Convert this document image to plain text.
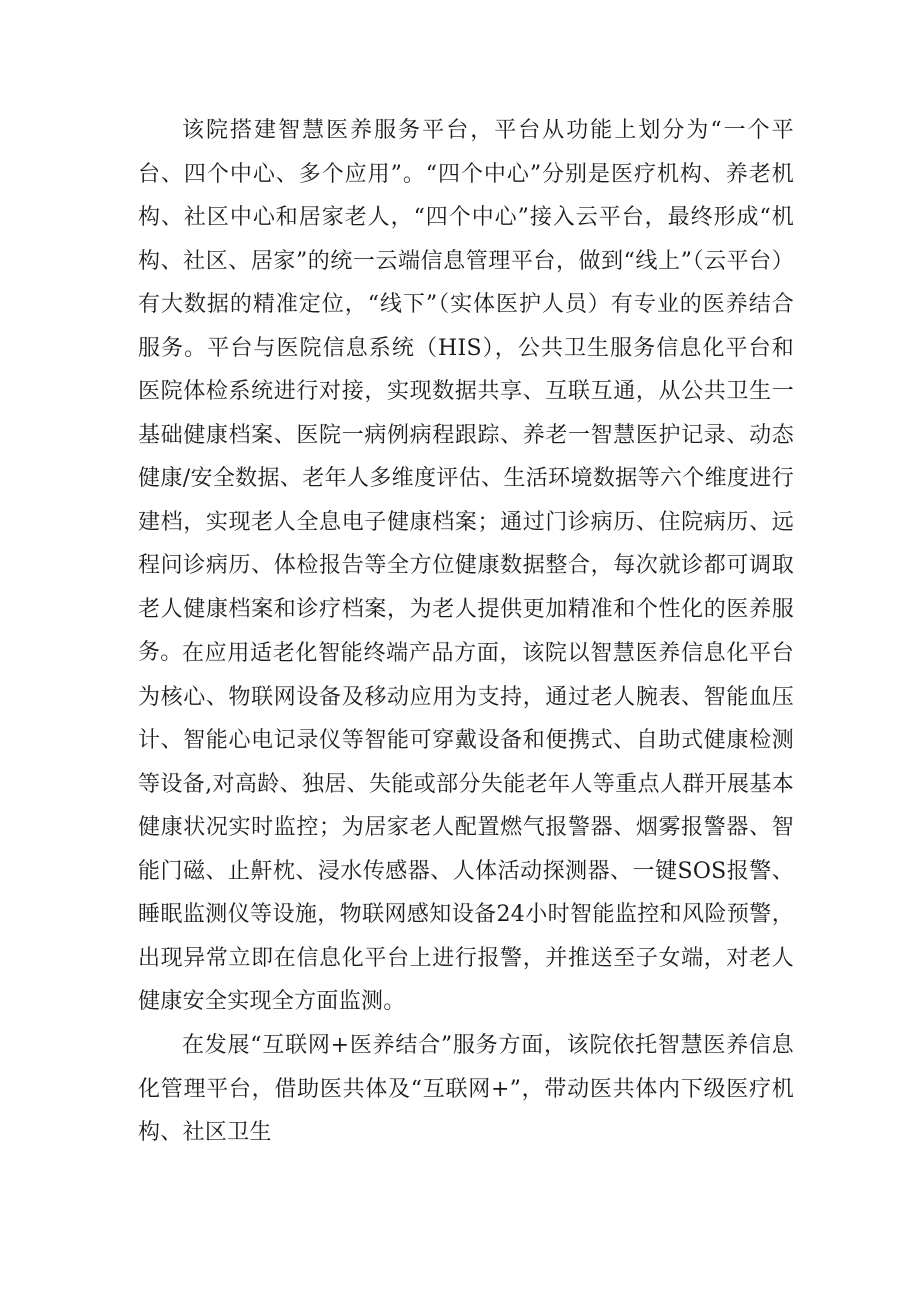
该院搭建智慧医养服务平台，平台从功能上划分为“一个平台、四个中心、多个应用”。“四个中心”分别是医疗机构、养老机构、社区中心和居家老人，“四个中心”接入云平台，最终形成“机构、社区、居家”的统一云端信息管理平台，做到“线上”（云平台）有大数据的精准定位，“线下”（实体医护人员）有专业的医养结合服务。平台与医院信息系统（HIS），公共卫生服务信息化平台和医院体检系统进行对接，实现数据共享、互联互通，从公共卫生一基础健康档案、医院一病例病程跟踪、养老一智慧医护记录、动态健康/安全数据、老年人多维度评估、生活环境数据等六个维度进行建档，实现老人全息电子健康档案；通过门诊病历、住院病历、远程问诊病历、体检报告等全方位健康数据整合，每次就诊都可调取老人健康档案和诊疗档案，为老人提供更加精准和个性化的医养服务。 在应用适老化智能终端产品方面，该院以智慧医养信息化平台为核心、物联网设备及移动应用为支持，通过老人腕表、智能血压计、智能心电记录仪等智能可穿戴设备和便携式、自助式健康检测等设备,对高龄、独居、失能或部分失能老年人等重点人群开展基本健康状况实时监控；为居家老人配置燃气报警器、烟雾报警器、智能门磁、止鼾枕、浸水传感器、人体活动探测器、一键SOS报警、睡眠监测仪等设施，物联网感知设备24小时智能监控和风险预警，出现异常立即在信息化平台上进行报警，并推送至子女端，对老人健康安全实现全方面监测。

在发展“互联网+医养结合”服务方面，该院依托智慧医养信息化管理平台，借助医共体及“互联网+”，带动医共体内下级医疗机构、社区卫生
